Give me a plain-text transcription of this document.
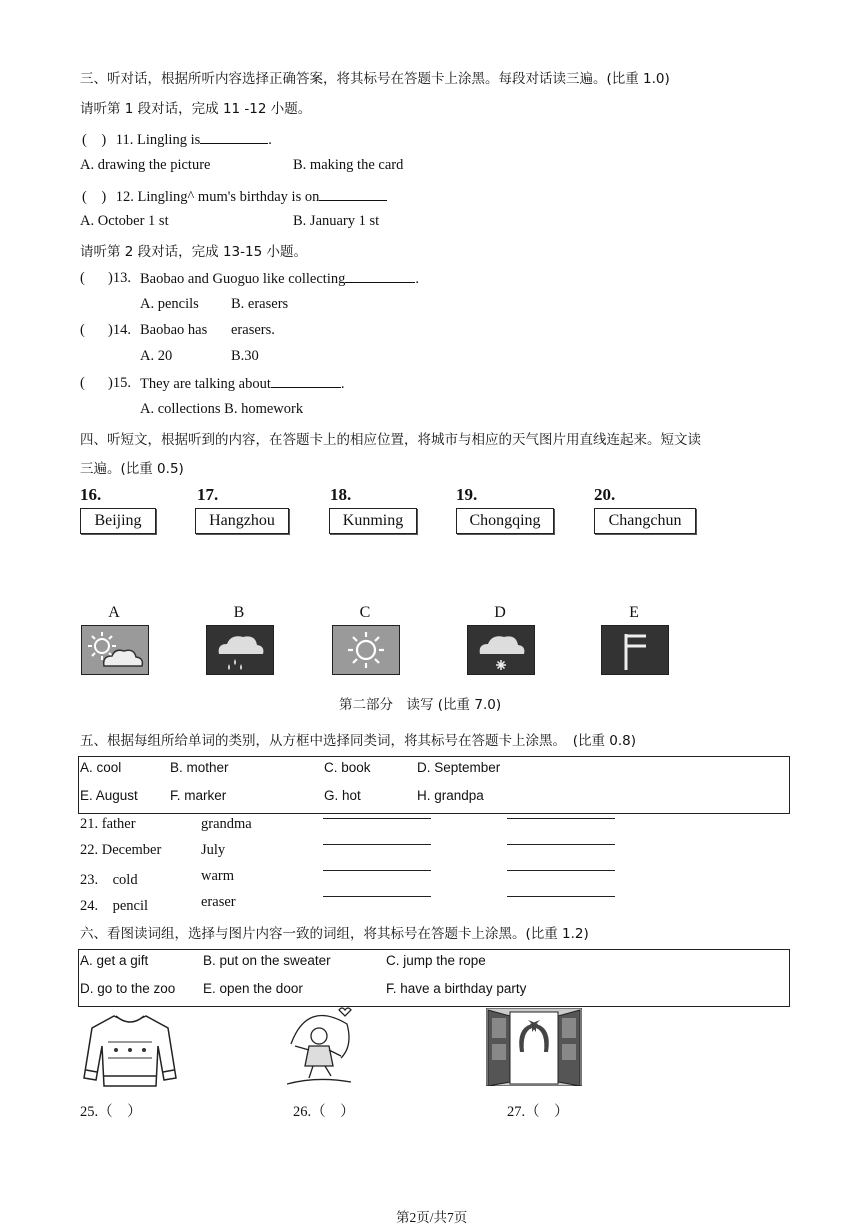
三、听对话，根据所听内容选择正确答案，将其标号在答题卡上涂黑。每段对话读三遍。(比重 1.0)
请听第 1 段对话，完成 11 -12 小题。
(　) 11. Lingling is	.
A. drawing the picture	B. making the card
(　) 12. Lingling^ mum's birthday is on
A. October 1 st	B. January 1 st
请听第 2 段对话，完成 13-15 小题。
( )13. Baobao and Guoguo like collecting	.
A. pencils B. erasers
( )14. Baobao has erasers.
A. 20	B.30
( )15. They are talking about	.
A. collections B. homework
四、听短文，根据听到的内容，在答题卡上的相应位置，将城市与相应的天气图片用直线连起来。短文读
三遍。(比重 0.5)
16.	17.	18.	19.	20.
Beijing	Hangzhou	Kunming	Chongqing	Changchun
A	B	C	D	E
第二部分　读写 (比重 7.0)
五、根据每组所给单词的类别，从方框中选择同类词，将其标号在答题卡上涂黑。　(比重 0.8)
A. cool	B. mother	C. book	D. September
E. August F. marker	G. hot	H. grandpa
21. father	grandma
22. December	July
23.　cold	warm
24.　pencil	eraser
六、看图读词组，选择与图片内容一致的词组，将其标号在答题卡上涂黑。(比重 1.2)
A. get a gift	B. put on the sweater	C. jump the rope
D. go to the zoo E. open the door	F. have a birthday party
25.（　）	26.（　）	27.（　）
第2页/共7页
